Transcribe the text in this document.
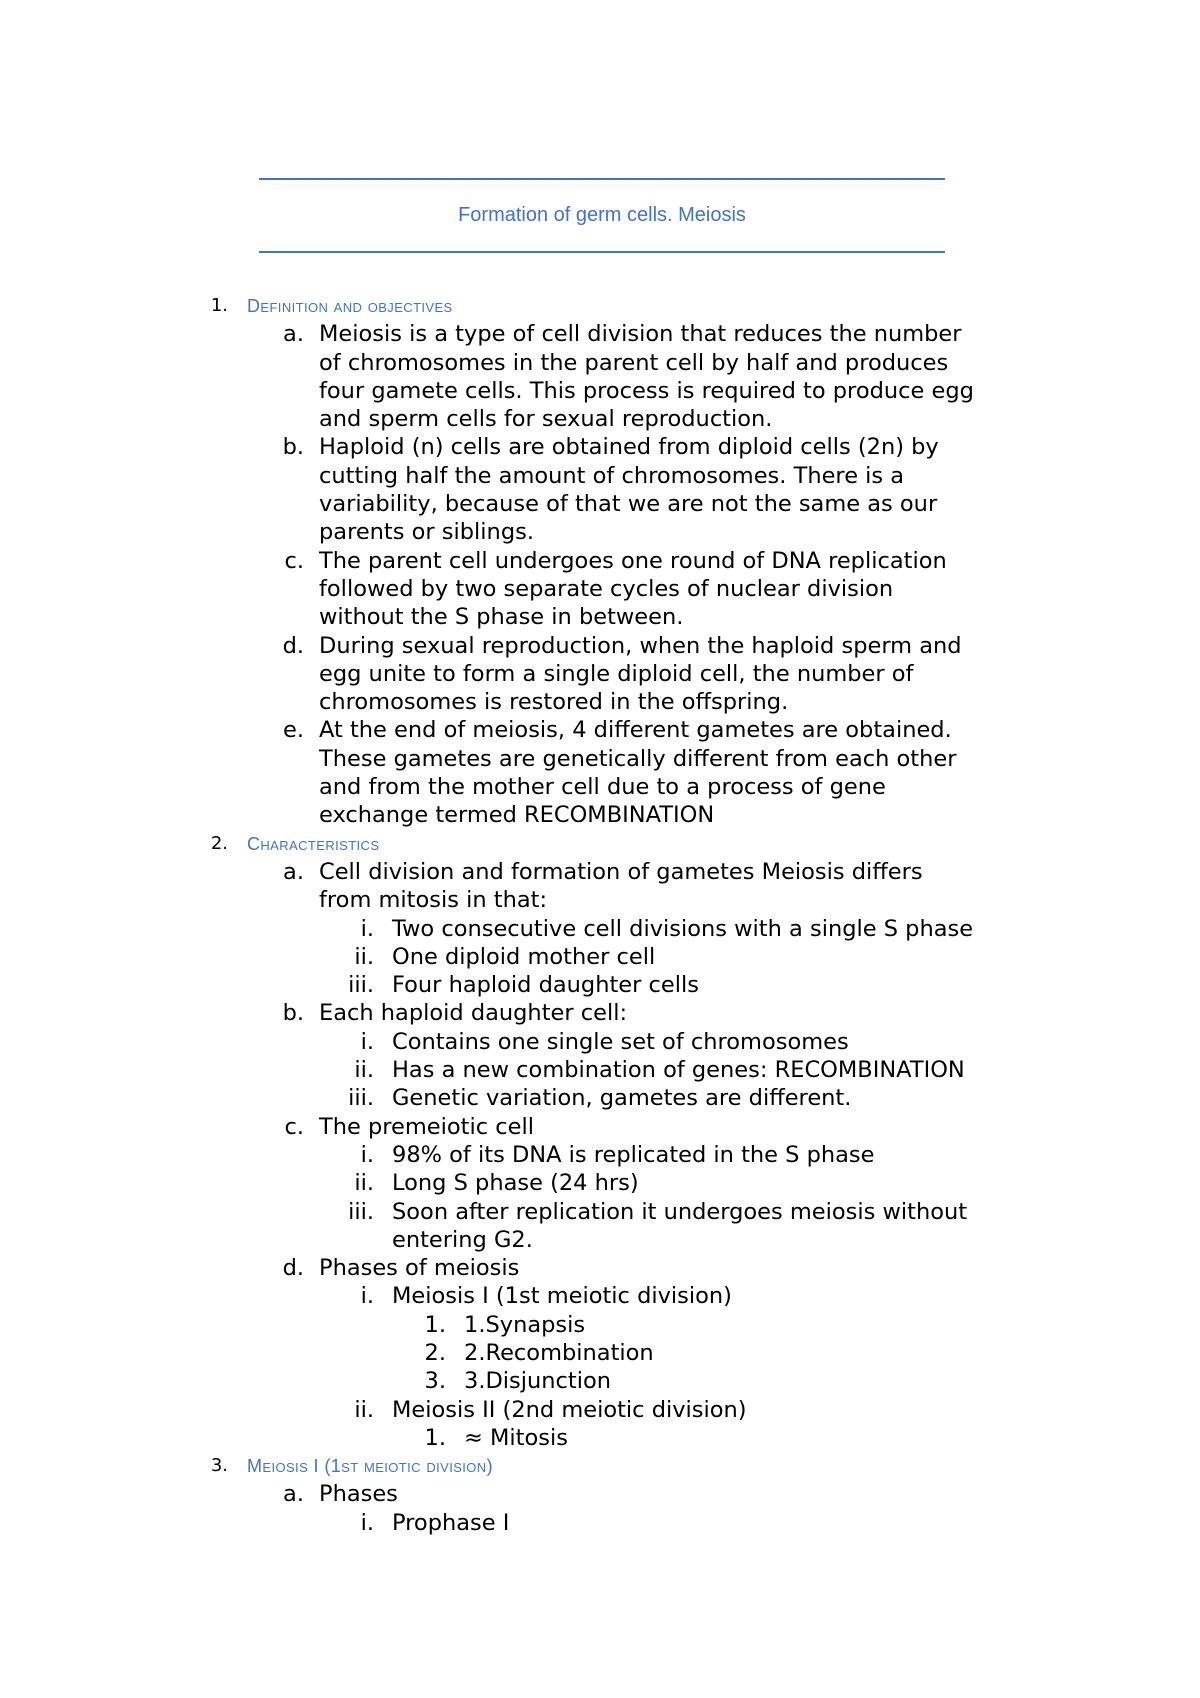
Formation of germ cells. Meiosis
1. Definition and objectives
a. Meiosis is a type of cell division that reduces the number
of chromosomes in the parent cell by half and produces
four gamete cells. This process is required to produce egg
and sperm cells for sexual reproduction.
b. Haploid (n) cells are obtained from diploid cells (2n) by
cutting half the amount of chromosomes. There is a
variability, because of that we are not the same as our
parents or siblings.
c. The parent cell undergoes one round of DNA replication
followed by two separate cycles of nuclear division
without the S phase in between.
d. During sexual reproduction, when the haploid sperm and
egg unite to form a single diploid cell, the number of
chromosomes is restored in the offspring.
e. At the end of meiosis, 4 different gametes are obtained.
These gametes are genetically different from each other
and from the mother cell due to a process of gene
exchange termed RECOMBINATION
2. Characteristics
a. Cell division and formation of gametes Meiosis differs
from mitosis in that:
i. Two consecutive cell divisions with a single S phase
ii. One diploid mother cell
iii. Four haploid daughter cells
b. Each haploid daughter cell:
i. Contains one single set of chromosomes
ii. Has a new combination of genes: RECOMBINATION
iii. Genetic variation, gametes are different.
c. The premeiotic cell
i. 98% of its DNA is replicated in the S phase
ii. Long S phase (24 hrs)
iii. Soon after replication it undergoes meiosis without
entering G2.
d. Phases of meiosis
i. Meiosis I (1st meiotic division)
1. 1.Synapsis
2. 2.Recombination
3. 3.Disjunction
ii. Meiosis II (2nd meiotic division)
1. ≈ Mitosis
3. Meiosis I (1st meiotic division)
a. Phases
i. Prophase I
